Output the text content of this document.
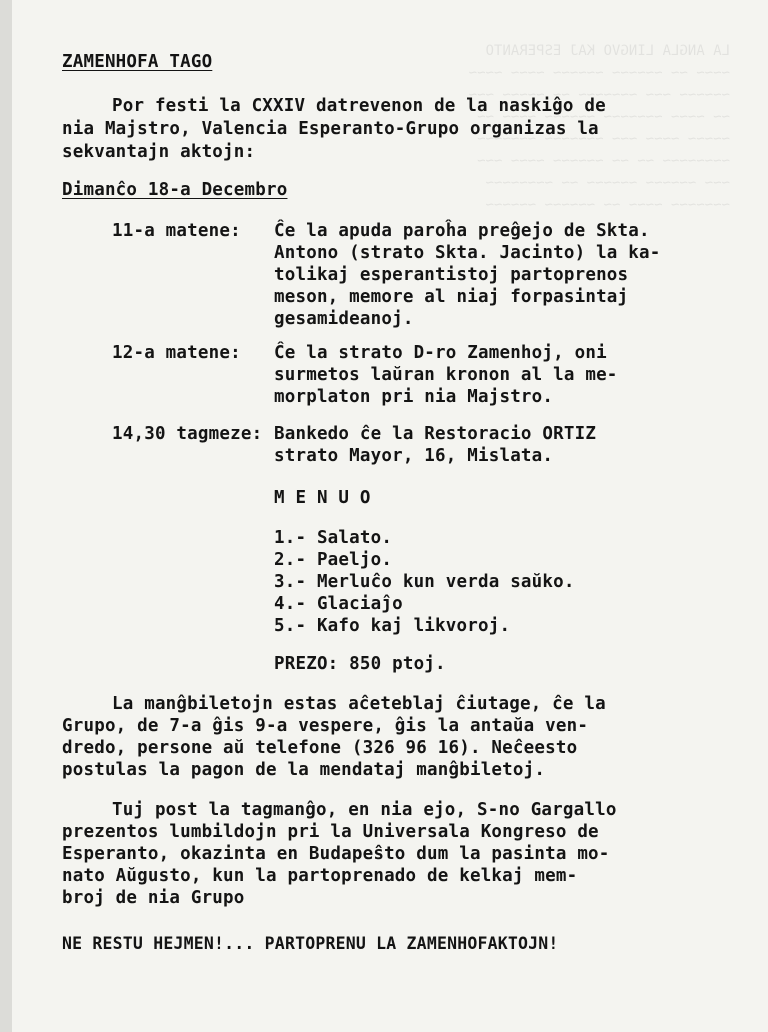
LA ANGLA LINGVO KAJ ESPERANTO
~~~~ ~~ ~~~~~~ ~~~~~~ ~~~~ ~~~~
~~~~~~ ~~~ ~~~~~~~ ~~ ~~~~~ ~~~
~~ ~~~~ ~~~~~~~ ~~~~~~ ~~~~ ~~
~~~~~ ~~~~ ~~~ ~~~~~~~ ~~~~~~~
~~~~~~~~ ~~ ~~ ~~~~~~ ~~~~ ~~~
~~~ ~~~~~~ ~~~~~~ ~~ ~~~~~~~~
~~~~~~~ ~~~~ ~~ ~~~~~~ ~~~~~~
ZAMENHOFA TAGO
Por festi la CXXIV datrevenon de la naskiĝo de
nia Majstro, Valencia Esperanto-Grupo organizas la
sekvantajn aktojn:
Dimanĉo 18-a Decembro
11-a matene: Ĉe la apuda paroĥa preĝejo de Skta.
Antono (strato Skta. Jacinto) la ka-
tolikaj esperantistoj partoprenos
meson, memore al niaj forpasintaj
gesamideanoj.
12-a matene: Ĉe la strato D-ro Zamenhoj, oni
surmetos laŭran kronon al la me-
morplaton pri nia Majstro.
14,30 tagmeze: Bankedo ĉe la Restoracio ORTIZ
strato Mayor, 16, Mislata.
M E N U O
1.- Salato.
2.- Paeljo.
3.- Merluĉo kun verda saŭko.
4.- Glaciaĵo
5.- Kafo kaj likvoroj.
PREZO: 850 ptoj.
La manĝbiletojn estas aĉeteblaj ĉiutage, ĉe la
Grupo, de 7-a ĝis 9-a vespere, ĝis la antaŭa ven-
dredo, persone aŭ telefone (326 96 16). Neĉeesto
postulas la pagon de la mendataj manĝbiletoj.
Tuj post la tagmanĝo, en nia ejo, S-no Gargallo
prezentos lumbildojn pri la Universala Kongreso de
Esperanto, okazinta en Budapeŝto dum la pasinta mo-
nato Aŭgusto, kun la partoprenado de kelkaj mem-
broj de nia Grupo
NE RESTU HEJMEN!... PARTOPRENU LA ZAMENHOFAKTOJN!
